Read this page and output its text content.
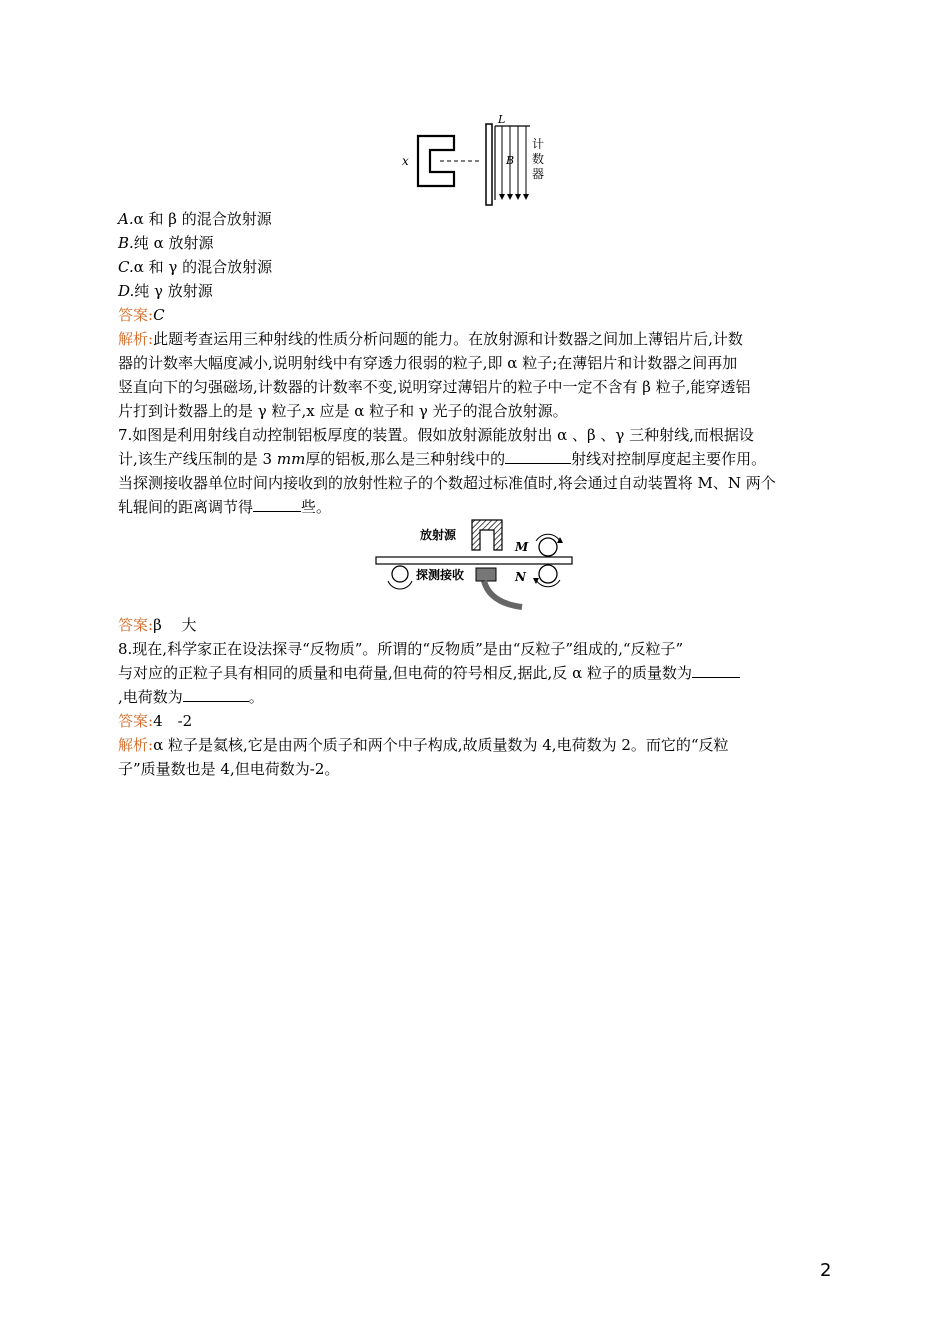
x
L
B
计
数
器
A.α 和 β 的混合放射源
B.纯 α 放射源
C.α 和 γ 的混合放射源
D.纯 γ 放射源
答案:C
解析:此题考查运用三种射线的性质分析问题的能力。在放射源和计数器之间加上薄铝片后,计数
器的计数率大幅度减小,说明射线中有穿透力很弱的粒子,即 α 粒子;在薄铝片和计数器之间再加
竖直向下的匀强磁场,计数器的计数率不变,说明穿过薄铝片的粒子中一定不含有 β 粒子,能穿透铝
片打到计数器上的是 γ 粒子,x 应是 α 粒子和 γ 光子的混合放射源。
7.如图是利用射线自动控制铝板厚度的装置。假如放射源能放射出 α 、β 、γ 三种射线,而根据设
计,该生产线压制的是 3 mm厚的铝板,那么是三种射线中的	射线对控制厚度起主要作用。
当探测接收器单位时间内接收到的放射性粒子的个数超过标准值时,将会通过自动装置将 M、N 两个
轧辊间的距离调节得	些。
放射源
M
N
探测接收
答案:β　 大
8.现在,科学家正在设法探寻“反物质”。所谓的“反物质”是由“反粒子”组成的,“反粒子”
与对应的正粒子具有相同的质量和电荷量,但电荷的符号相反,据此,反 α 粒子的质量数为
,电荷数为	。
答案:4　-2
解析:α 粒子是氦核,它是由两个质子和两个中子构成,故质量数为 4,电荷数为 2。而它的“反粒
子”质量数也是 4,但电荷数为-2。
2
